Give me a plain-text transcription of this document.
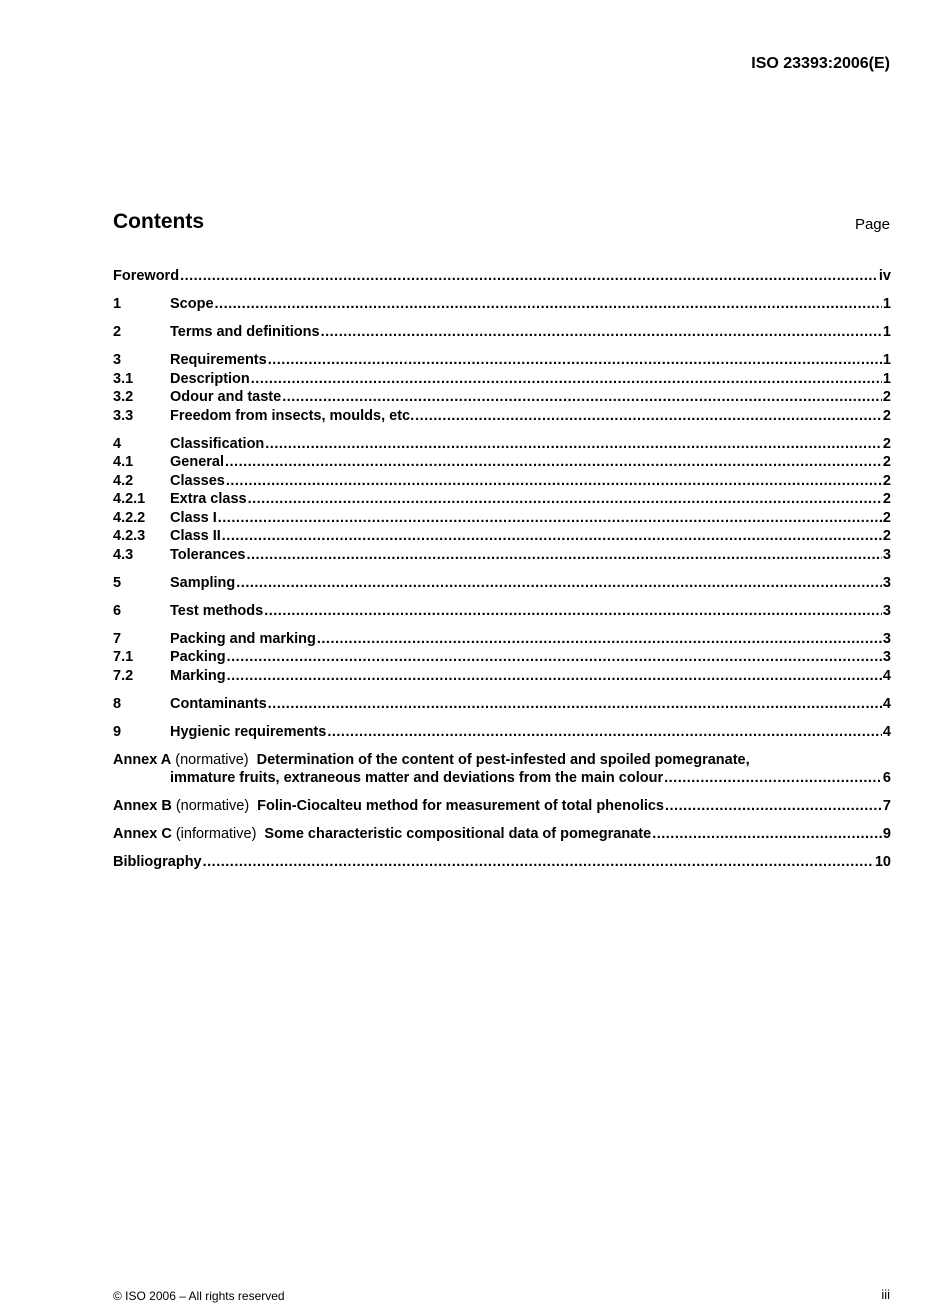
ISO 23393:2006(E)
Contents	Page
Foreword .....	iv
1	Scope .....	1
2	Terms and definitions .....	1
3	Requirements .....	1
3.1	Description .....	1
3.2	Odour and taste .....	2
3.3	Freedom from insects, moulds, etc. .....	2
4	Classification .....	2
4.1	General .....	2
4.2	Classes .....	2
4.2.1	Extra class .....	2
4.2.2	Class I .....	2
4.2.3	Class II .....	2
4.3	Tolerances .....	3
5	Sampling .....	3
6	Test methods .....	3
7	Packing and marking .....	3
7.1	Packing .....	3
7.2	Marking .....	4
8	Contaminants .....	4
9	Hygienic requirements .....	4
Annex A (normative) Determination of the content of pest-infested and spoiled pomegranate,
immature fruits, extraneous matter and deviations from the main colour .....	6
Annex B (normative) Folin-Ciocalteu method for measurement of total phenolics .....	7
Annex C (informative) Some characteristic compositional data of pomegranate .....	9
Bibliography .....	10
© ISO 2006 – All rights reserved	iii
